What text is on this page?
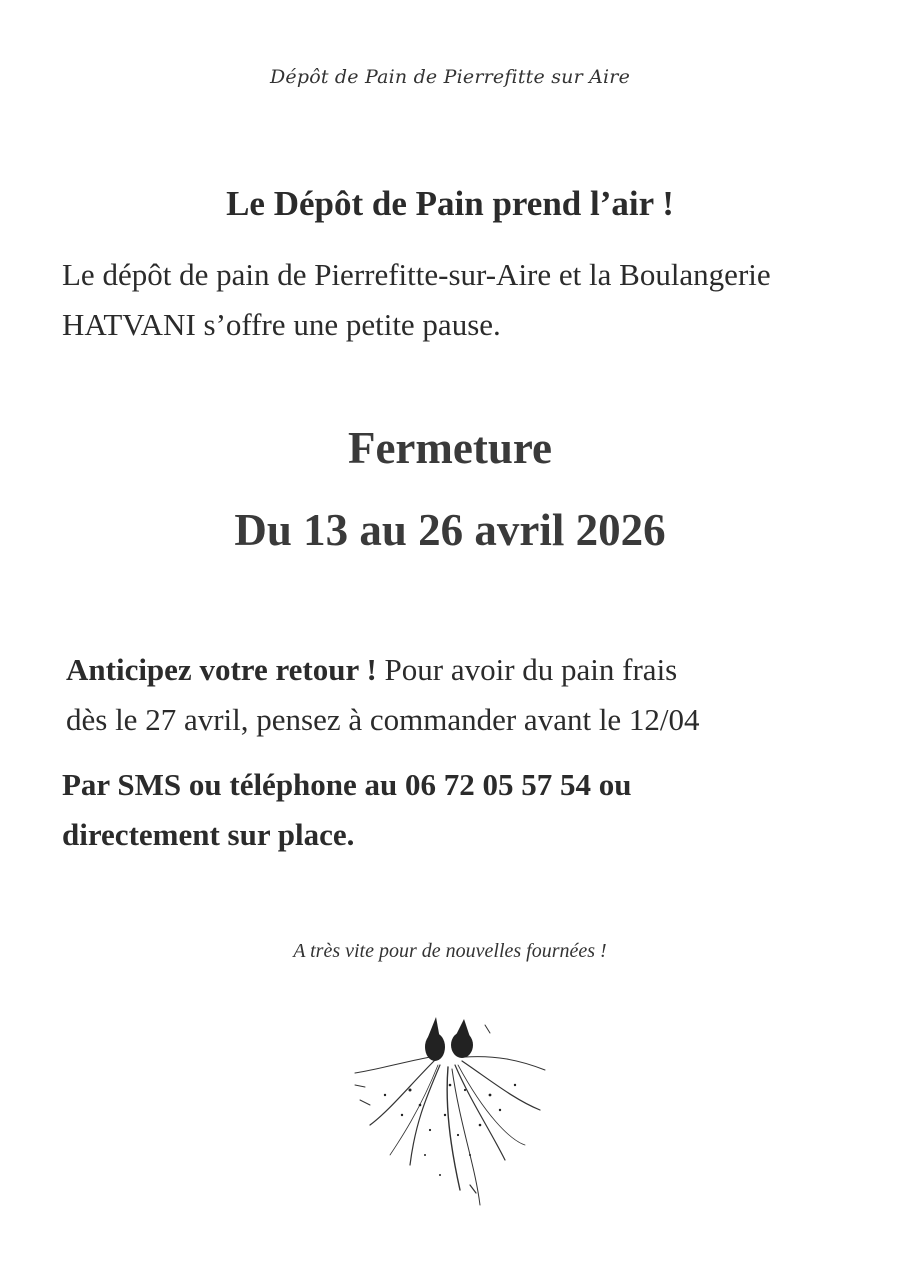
Dépôt de Pain de Pierrefitte sur Aire
Le Dépôt de Pain prend l’air !
Le dépôt de pain de Pierrefitte-sur-Aire et la Boulangerie
HATVANI s’offre une petite pause.
Fermeture
Du 13 au 26 avril 2026
Anticipez votre retour ! Pour avoir du pain frais
dès le 27 avril, pensez à commander avant le 12/04
Par SMS ou téléphone au 06 72 05 57 54 ou
directement sur place.
A très vite pour de nouvelles fournées !
